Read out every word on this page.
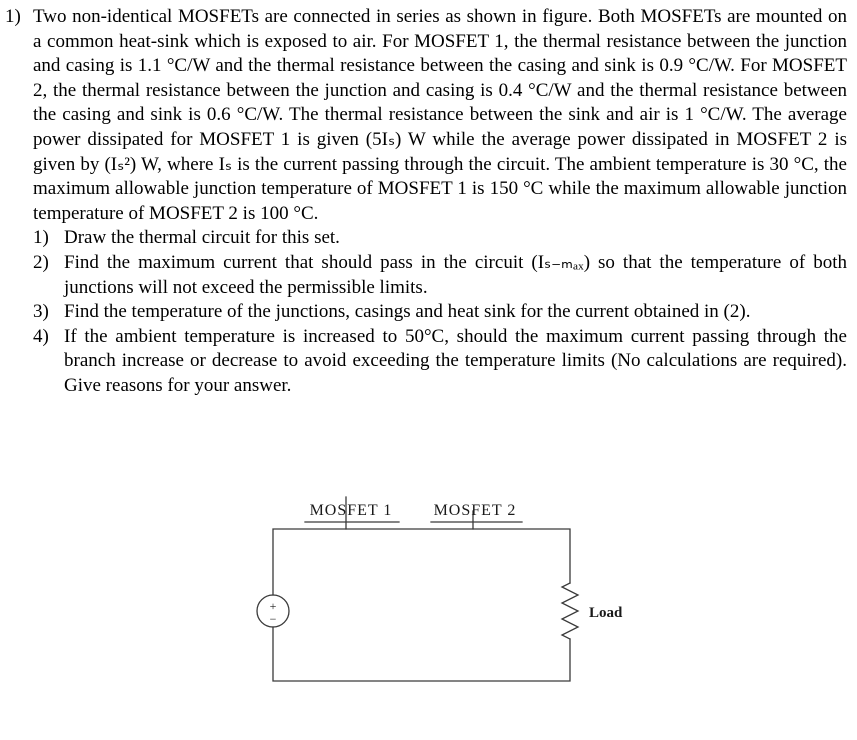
1) Two non-identical MOSFETs are connected in series as shown in figure. Both MOSFETs are mounted on a common heat-sink which is exposed to air. For MOSFET 1, the thermal resistance between the junction and casing is 1.1 °C/W and the thermal resistance between the casing and sink is 0.9 °C/W. For MOSFET 2, the thermal resistance between the junction and casing is 0.4 °C/W and the thermal resistance between the casing and sink is 0.6 °C/W. The thermal resistance between the sink and air is 1 °C/W. The average power dissipated for MOSFET 1 is given (5Iₛ) W while the average power dissipated in MOSFET 2 is given by (Iₛ²) W, where Iₛ is the current passing through the circuit. The ambient temperature is 30 °C, the maximum allowable junction temperature of MOSFET 1 is 150 °C while the maximum allowable junction temperature of MOSFET 2 is 100 °C.
1) Draw the thermal circuit for this set.
2) Find the maximum current that should pass in the circuit (Iₛ₋ₘₐₓ) so that the temperature of both junctions will not exceed the permissible limits.
3) Find the temperature of the junctions, casings and heat sink for the current obtained in (2).
4) If the ambient temperature is increased to 50°C, should the maximum current passing through the branch increase or decrease to avoid exceeding the temperature limits (No calculations are required). Give reasons for your answer.
MOSFET 1	MOSFET 2
Load
+
−
